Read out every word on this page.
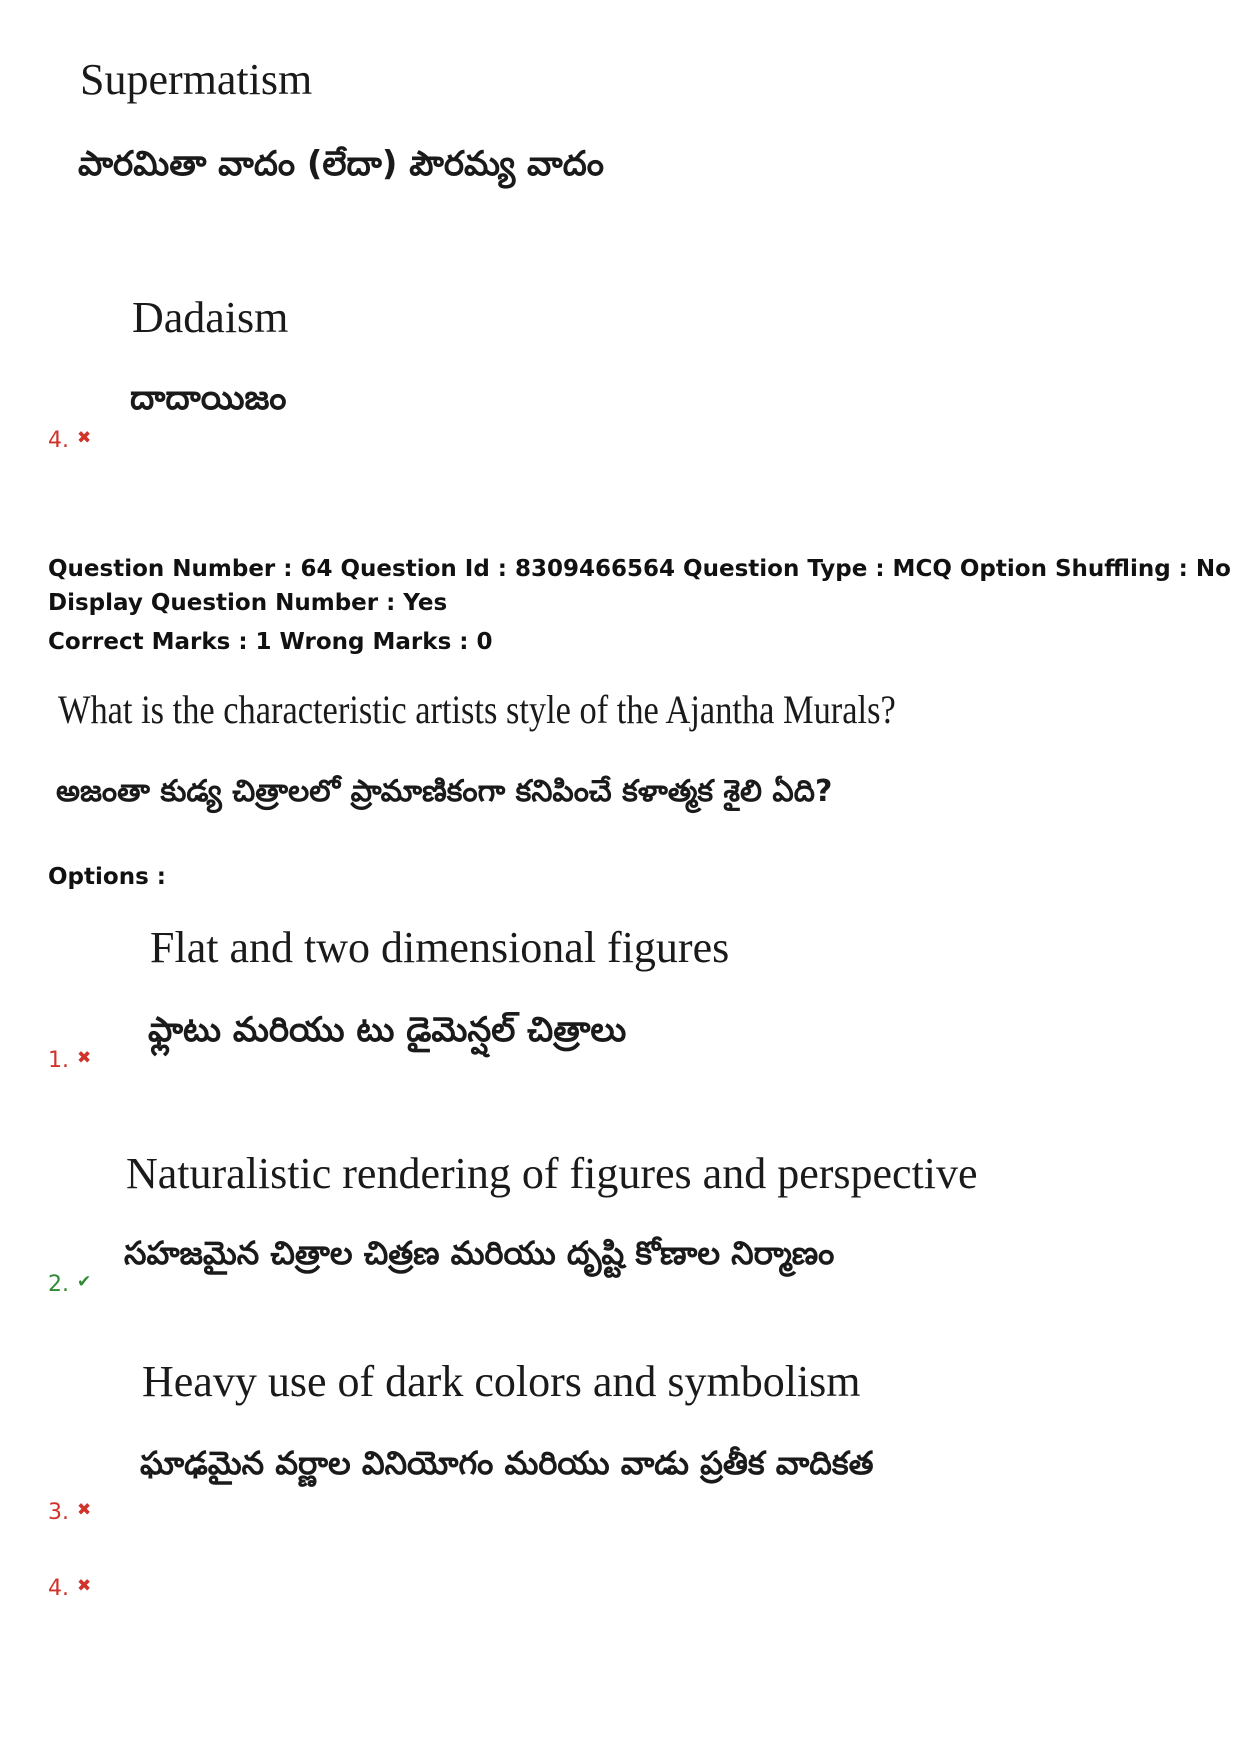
Supermatism
పారమితా వాదం (లేదా) పౌరమ్య వాదం
Dadaism
దాదాయిజం
4. ✖
Question Number : 64 Question Id : 8309466564 Question Type : MCQ Option Shuffling : No
Display Question Number : Yes
Correct Marks : 1 Wrong Marks : 0
What is the characteristic artists style of the Ajantha Murals?
అజంతా కుడ్య చిత్రాలలో ప్రామాణికంగా కనిపించే కళాత్మక శైలి ఏది?
Options :
Flat and two dimensional figures
ఫ్లాటు మరియు టు డైమెన్షల్ చిత్రాలు
1. ✖
Naturalistic rendering of figures and perspective
సహజమైన చిత్రాల చిత్రణ మరియు దృష్టి కోణాల నిర్మాణం
2. ✔
Heavy use of dark colors and symbolism
ఘాఢమైన వర్ణాల వినియోగం మరియు వాడు ప్రతీక వాదికత
3. ✖
4. ✖
